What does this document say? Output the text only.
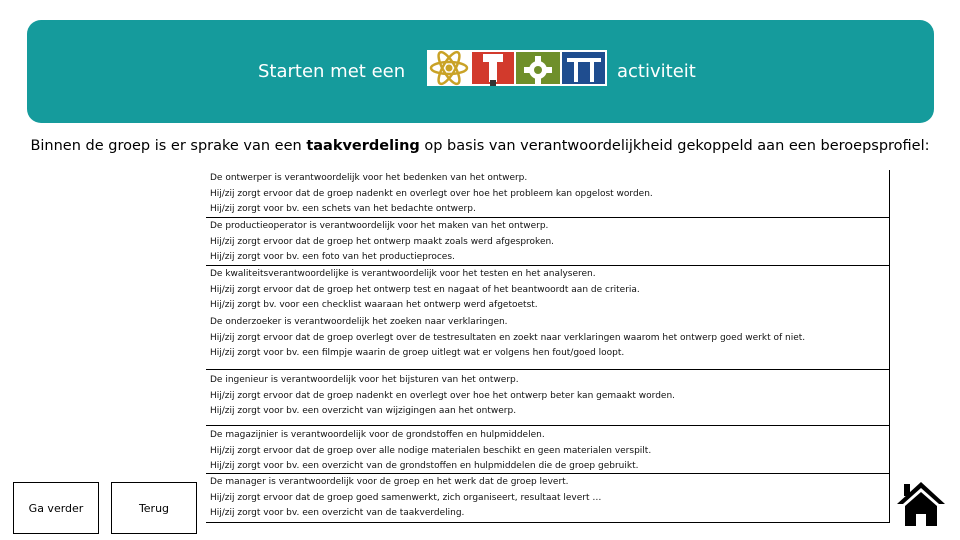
Starten met een	activiteit
Binnen de groep is er sprake van een taakverdeling op basis van verantwoordelijkheid gekoppeld aan een beroepsprofiel:
De ontwerper is verantwoordelijk voor het bedenken van het ontwerp.
Hij/zij zorgt ervoor dat de groep nadenkt en overlegt over hoe het probleem kan opgelost worden.
Hij/zij zorgt voor bv. een schets van het bedachte ontwerp.
De productieoperator is verantwoordelijk voor het maken van het ontwerp.
Hij/zij zorgt ervoor dat de groep het ontwerp maakt zoals werd afgesproken.
Hij/zij zorgt voor bv. een foto van het productieproces.
De kwaliteitsverantwoordelijke is verantwoordelijk voor het testen en het analyseren.
Hij/zij zorgt ervoor dat de groep het ontwerp test en nagaat of het beantwoordt aan de criteria.
Hij/zij zorgt bv. voor een checklist waaraan het ontwerp werd afgetoetst.
De onderzoeker is verantwoordelijk het zoeken naar verklaringen.
Hij/zij zorgt ervoor dat de groep overlegt over de testresultaten en zoekt naar verklaringen waarom het ontwerp goed werkt of niet.
Hij/zij zorgt voor bv. een filmpje waarin de groep uitlegt wat er volgens hen fout/goed loopt.
De ingenieur is verantwoordelijk voor het bijsturen van het ontwerp.
Hij/zij zorgt ervoor dat de groep nadenkt en overlegt over hoe het ontwerp beter kan gemaakt worden.
Hij/zij zorgt voor bv. een overzicht van wijzigingen aan het ontwerp.
De magazijnier is verantwoordelijk voor de grondstoffen en hulpmiddelen.
Hij/zij zorgt ervoor dat de groep over alle nodige materialen beschikt en geen materialen verspilt.
Hij/zij zorgt voor bv. een overzicht van de grondstoffen en hulpmiddelen die de groep gebruikt.
De manager is verantwoordelijk voor de groep en het werk dat de groep levert.
Hij/zij zorgt ervoor dat de groep goed samenwerkt, zich organiseert, resultaat levert …
Hij/zij zorgt voor bv. een overzicht van de taakverdeling.
Ga verder	Terug
